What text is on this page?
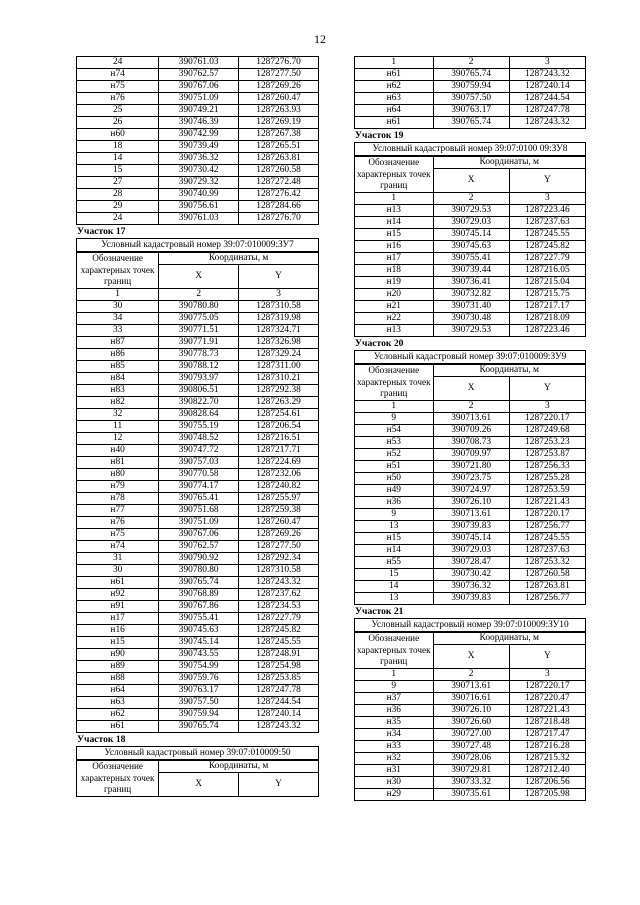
12
24	390761.03	1287276.70
н74	390762.57	1287277.50
н75	390767.06	1287269.26
н76	390751.09	1287260.47
25	390749.21	1287263.93
26	390746.39	1287269.19
н60	390742.99	1287267.38
18	390739.49	1287265.51
14	390736.32	1287263.81
15	390730.42	1287260.58
27	390729.32	1287272.48
28	390740.99	1287276.42
29	390756.61	1287284.66
24	390761.03	1287276.70
Участок 17
Условный кадастровый номер 39:07:010009:ЗУ7
Обозначение характерных точек границ	Координаты, м	
	X	Y
1	2	3
30	390780.80	1287310.58
34	390775.05	1287319.98
33	390771.51	1287324.71
н87	390771.91	1287326.98
н86	390778.73	1287329.24
н85	390788.12	1287311.00
н84	390793.97	1287310.21
н83	390806.51	1287292.38
н82	390822.70	1287263.29
32	390828.64	1287254.61
11	390755.19	1287206.54
12	390748.52	1287216.51
н40	390747.72	1287217.71
н81	390757.03	1287224.69
н80	390770.58	1287232.06
н79	390774.17	1287240.82
н78	390765.41	1287255.97
н77	390751.68	1287259.38
н76	390751.09	1287260.47
н75	390767.06	1287269.26
н74	390762.57	1287277.50
31	390790.92	1287292.34
30	390780.80	1287310.58
н61	390765.74	1287243.32
н92	390768.89	1287237.62
н91	390767.86	1287234.53
н17	390755.41	1287227.79
н16	390745.63	1287245.82
н15	390745.14	1287245.55
н90	390743.55	1287248.91
н89	390754.99	1287254.98
н88	390759.76	1287253.85
н64	390763.17	1287247.78
н63	390757.50	1287244.54
н62	390759.94	1287240.14
н61	390765.74	1287243.32
Участок 18
Условный кадастровый номер 39:07:010009:50
Обозначение характерных точек границ	Координаты, м	
	X	Y
1	2	3
н61	390765.74	1287243.32
н62	390759.94	1287240.14
н63	390757.50	1287244.54
н64	390763.17	1287247.78
н61	390765.74	1287243.32
Участок 19
Условный кадастровый номер 39:07:0100 09:ЗУ8
Обозначение характерных точек границ	Координаты, м	
	X	Y
1	2	3
н13	390729.53	1287223.46
н14	390729.03	1287237.63
н15	390745.14	1287245.55
н16	390745.63	1287245.82
н17	390755.41	1287227.79
н18	390739.44	1287216.05
н19	390736.41	1287215.04
н20	390732.82	1287215.75
н21	390731.40	1287217.17
н22	390730.48	1287218.09
н13	390729.53	1287223.46
Участок 20
Условный кадастровый номер 39:07:010009:ЗУ9
Обозначение характерных точек границ	Координаты, м	
	X	Y
1	2	3
9	390713.61	1287220.17
н54	390709.26	1287249.68
н53	390708.73	1287253.23
н52	390709.97	1287253.87
н51	390721.80	1287256.33
н50	390723.75	1287255.28
н49	390724.97	1287253.59
н36	390726.10	1287221.43
9	390713.61	1287220.17
13	390739.83	1287256.77
н15	390745.14	1287245.55
н14	390729.03	1287237.63
н55	390728.47	1287253.32
15	390730.42	1287260.58
14	390736.32	1287263.81
13	390739.83	1287256.77
Участок 21
Условный кадастровый номер 39:07:010009:ЗУ10
Обозначение характерных точек границ	Координаты, м	
	X	Y
1	2	3
9	390713.61	1287220.17
н37	390716.61	1287220.47
н36	390726.10	1287221.43
н35	390726.60	1287218.48
н34	390727.00	1287217.47
н33	390727.48	1287216.28
н32	390728.06	1287215.32
н31	390729.81	1287212.40
н30	390733.32	1287206.56
н29	390735.61	1287205.98
